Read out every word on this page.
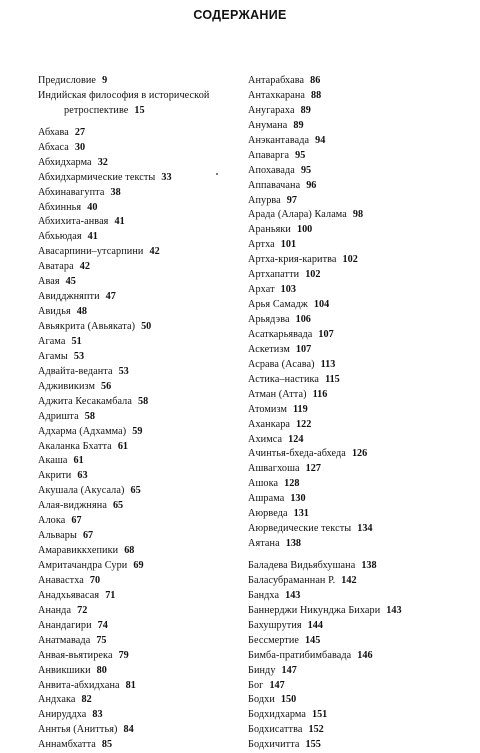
СОДЕРЖАНИЕ
Предисловие 9
Индийская философия в исторической
ретроспективе 15
Абхава 27
Абхаса 30
Абхидхарма 32
Абхидхармические тексты 33
Абхинавагупта 38
Абхиннья 40
Абхихита-анвая 41
Абхьюдая 41
Авасарпини–утсарпини 42
Аватара 42
Авая 45
Авидджняпти 47
Авидья 48
Авьякрита (Авьяката) 50
Агама 51
Агамы 53
Адвайта-веданта 53
Адживикизм 56
Аджита Кесакамбала 58
Адришта 58
Адхарма (Адхамма) 59
Акаланка Бхатта 61
Акаша 61
Акрити 63
Акушала (Акусала) 65
Алая-виджняна 65
Алока 67
Альвары 67
Амаравиккхепики 68
Амритачандра Сури 69
Анавастха 70
Анадхьявасая 71
Ананда 72
Анандагири 74
Анатмавада 75
Анвая-вьятирека 79
Анвикшики 80
Анвита-абхидхана 81
Андхака 82
Анируддха 83
Аннтья (Аниттья) 84
Аннамбхатта 85
Антарабхава 86
Антахкарана 88
Анугараха 89
Анумана 89
Анэкантавада 94
Апаварга 95
Апохавада 95
Аппавачана 96
Апурва 97
Арада (Алара) Калама 98
Араньяки 100
Артха 101
Артха-крия-каритва 102
Артхапатти 102
Архат 103
Арья Самадж 104
Арьядэва 106
Асаткарьявада 107
Аскетизм 107
Асрава (Асава) 113
Астика–настика 115
Атман (Атта) 116
Атомизм 119
Аханкара 122
Ахимса 124
Ачинтья-бхеда-абхеда 126
Ашвагхоша 127
Ашока 128
Ашрама 130
Аюрведа 131
Аюрведические тексты 134
Аятана 138
Баладева Видьябхушана 138
Баласубраманнан Р. 142
Бандха 143
Баннерджи Никунджа Бихари 143
Бахушрутия 144
Бессмертие 145
Бимба-пратибимбавада 146
Бинду 147
Бог 147
Бодхи 150
Бодхидхарма 151
Бодхисаттва 152
Бодхичитта 155
